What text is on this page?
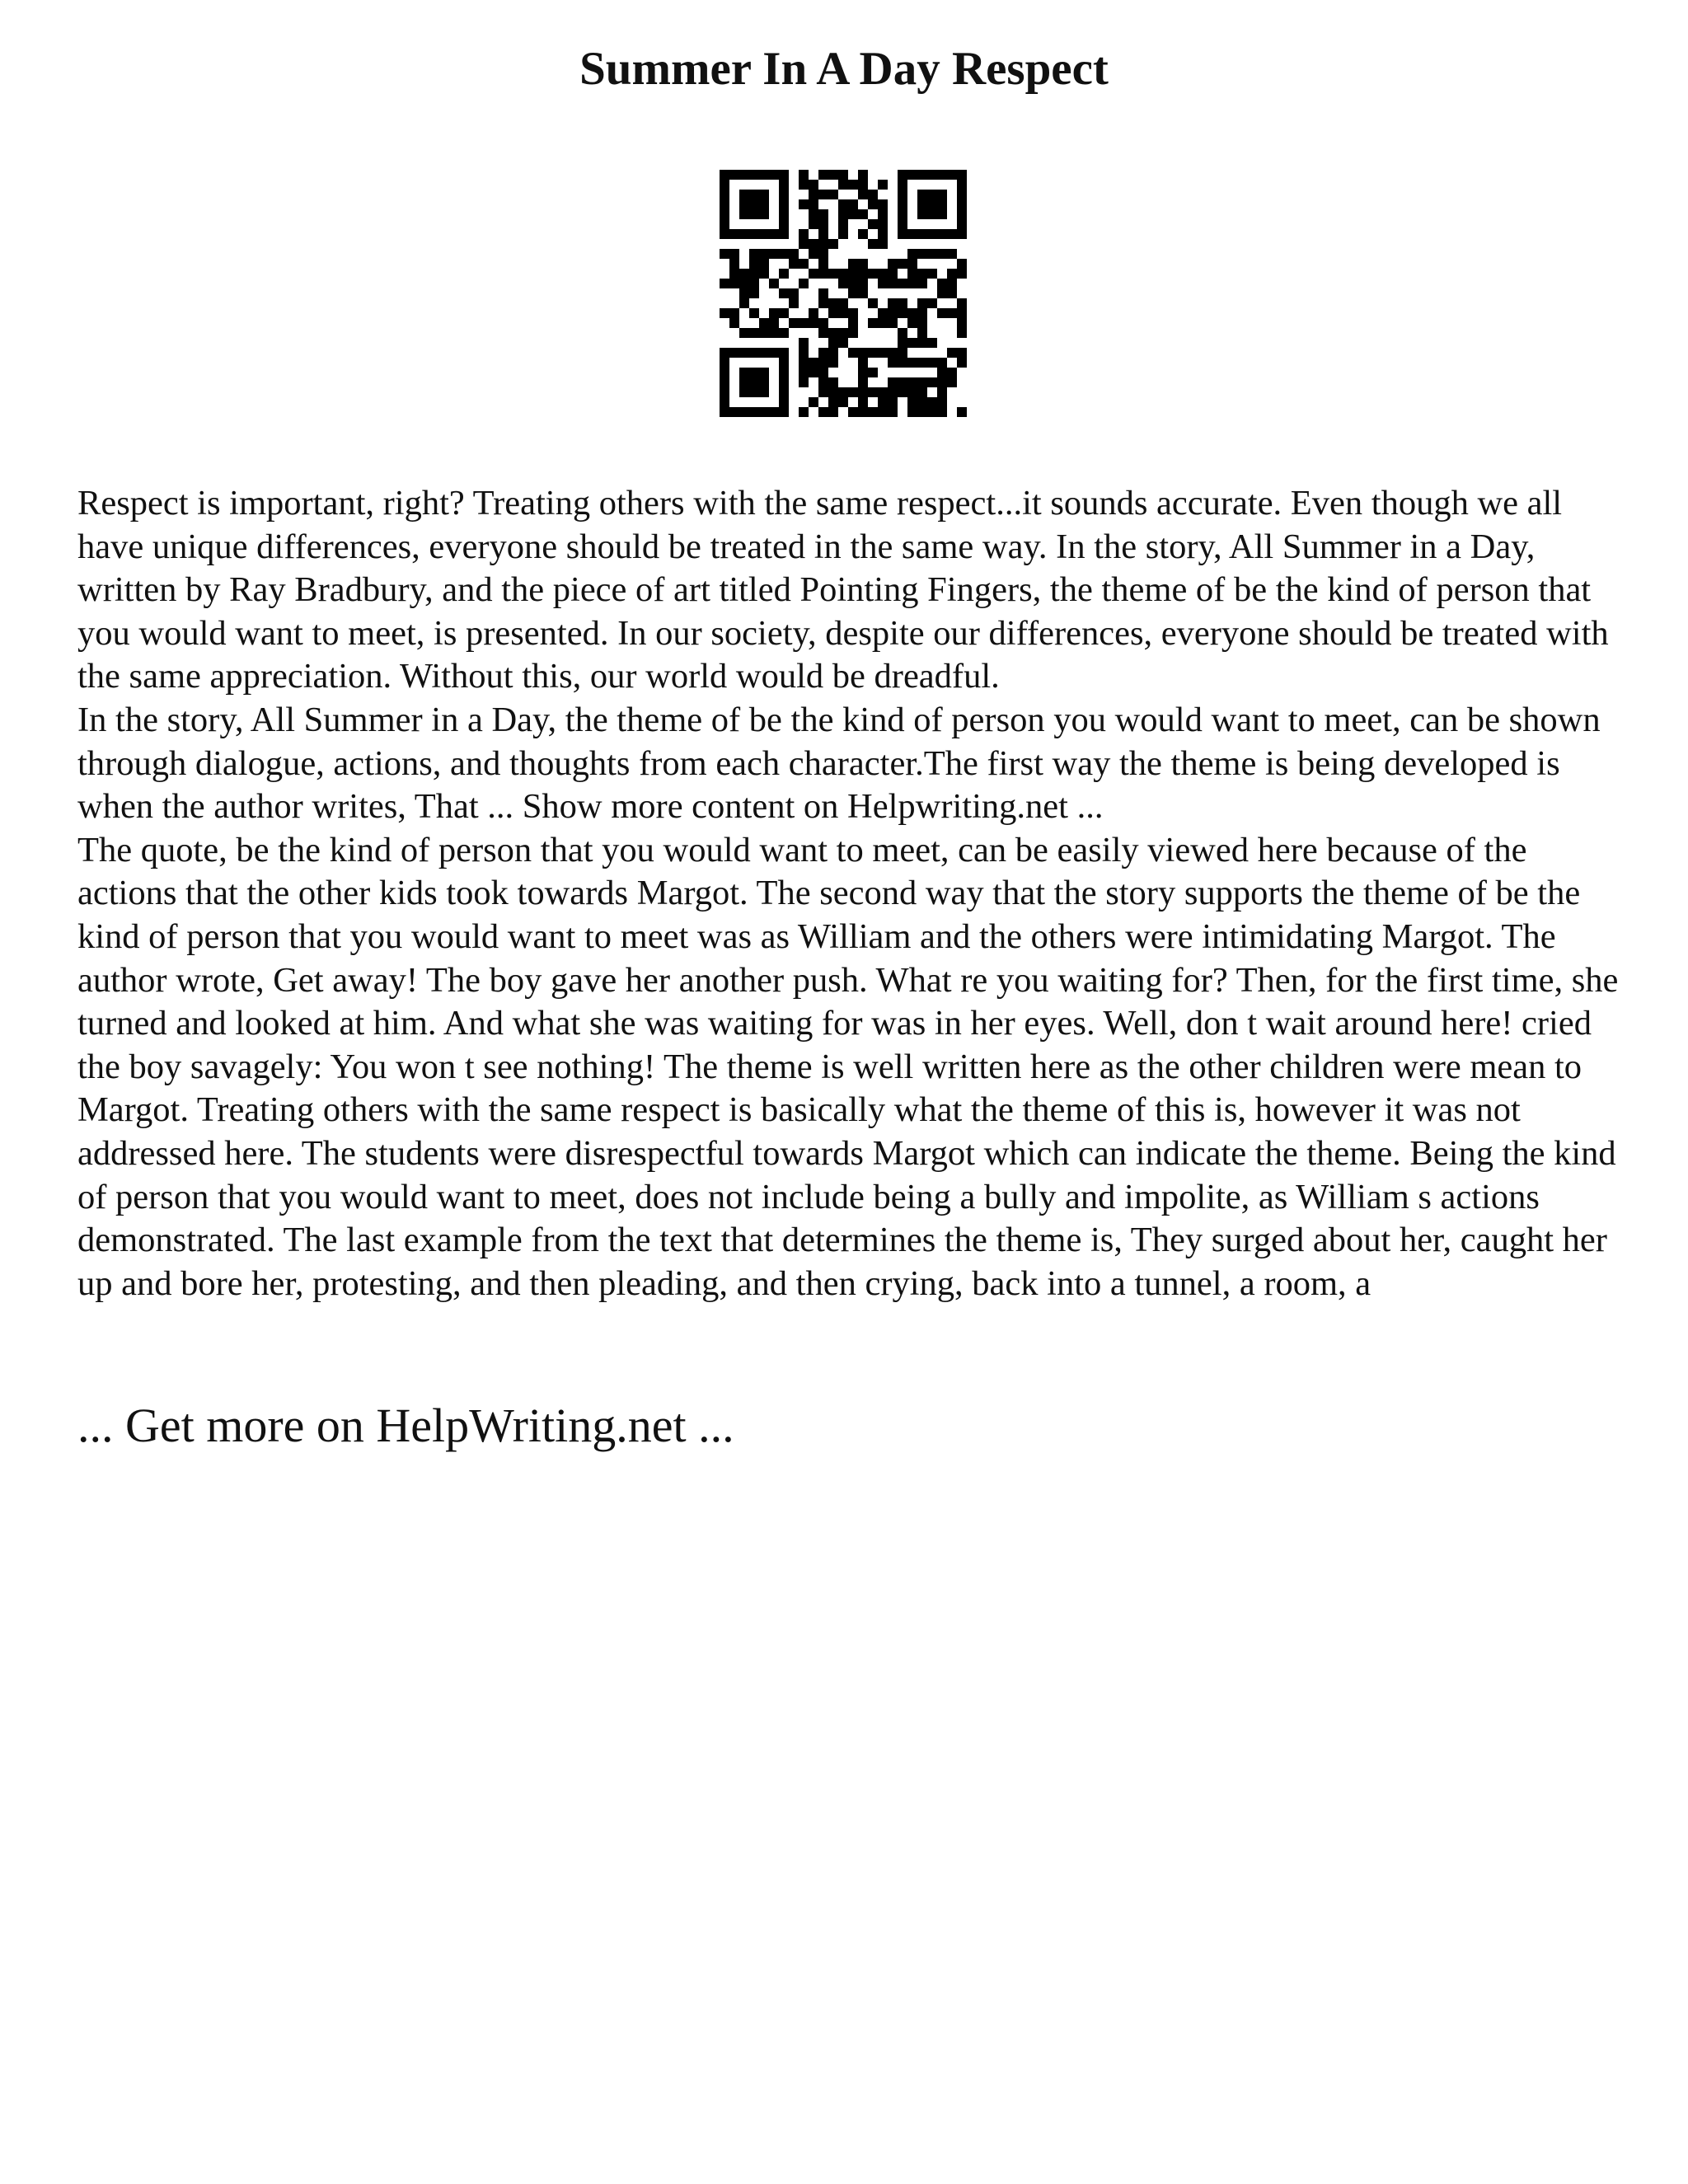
Summer In A Day Respect

Respect is important, right? Treating others with the same respect...it sounds accurate. Even though we all have unique differences, everyone should be treated in the same way. In the story, All Summer in a Day, written by Ray Bradbury, and the piece of art titled Pointing Fingers, the theme of be the kind of person that you would want to meet, is presented. In our society, despite our differences, everyone should be treated with the same appreciation. Without this, our world would be dreadful.

In the story, All Summer in a Day, the theme of be the kind of person you would want to meet, can be shown through dialogue, actions, and thoughts from each character.The first way the theme is being developed is when the author writes, That ... Show more content on Helpwriting.net ...

The quote, be the kind of person that you would want to meet, can be easily viewed here because of the actions that the other kids took towards Margot. The second way that the story supports the theme of be the kind of person that you would want to meet was as William and the others were intimidating Margot. The author wrote, Get away! The boy gave her another push. What re you waiting for? Then, for the first time, she turned and looked at him. And what she was waiting for was in her eyes. Well, don t wait around here! cried the boy savagely: You won t see nothing! The theme is well written here as the other children were mean to Margot. Treating others with the same respect is basically what the theme of this is, however it was not addressed here. The students were disrespectful towards Margot which can indicate the theme. Being the kind of person that you would want to meet, does not include being a bully and impolite, as William s actions demonstrated. The last example from the text that determines the theme is, They surged about her, caught her up and bore her, protesting, and then pleading, and then crying, back into a tunnel, a room, a

... Get more on HelpWriting.net ...
